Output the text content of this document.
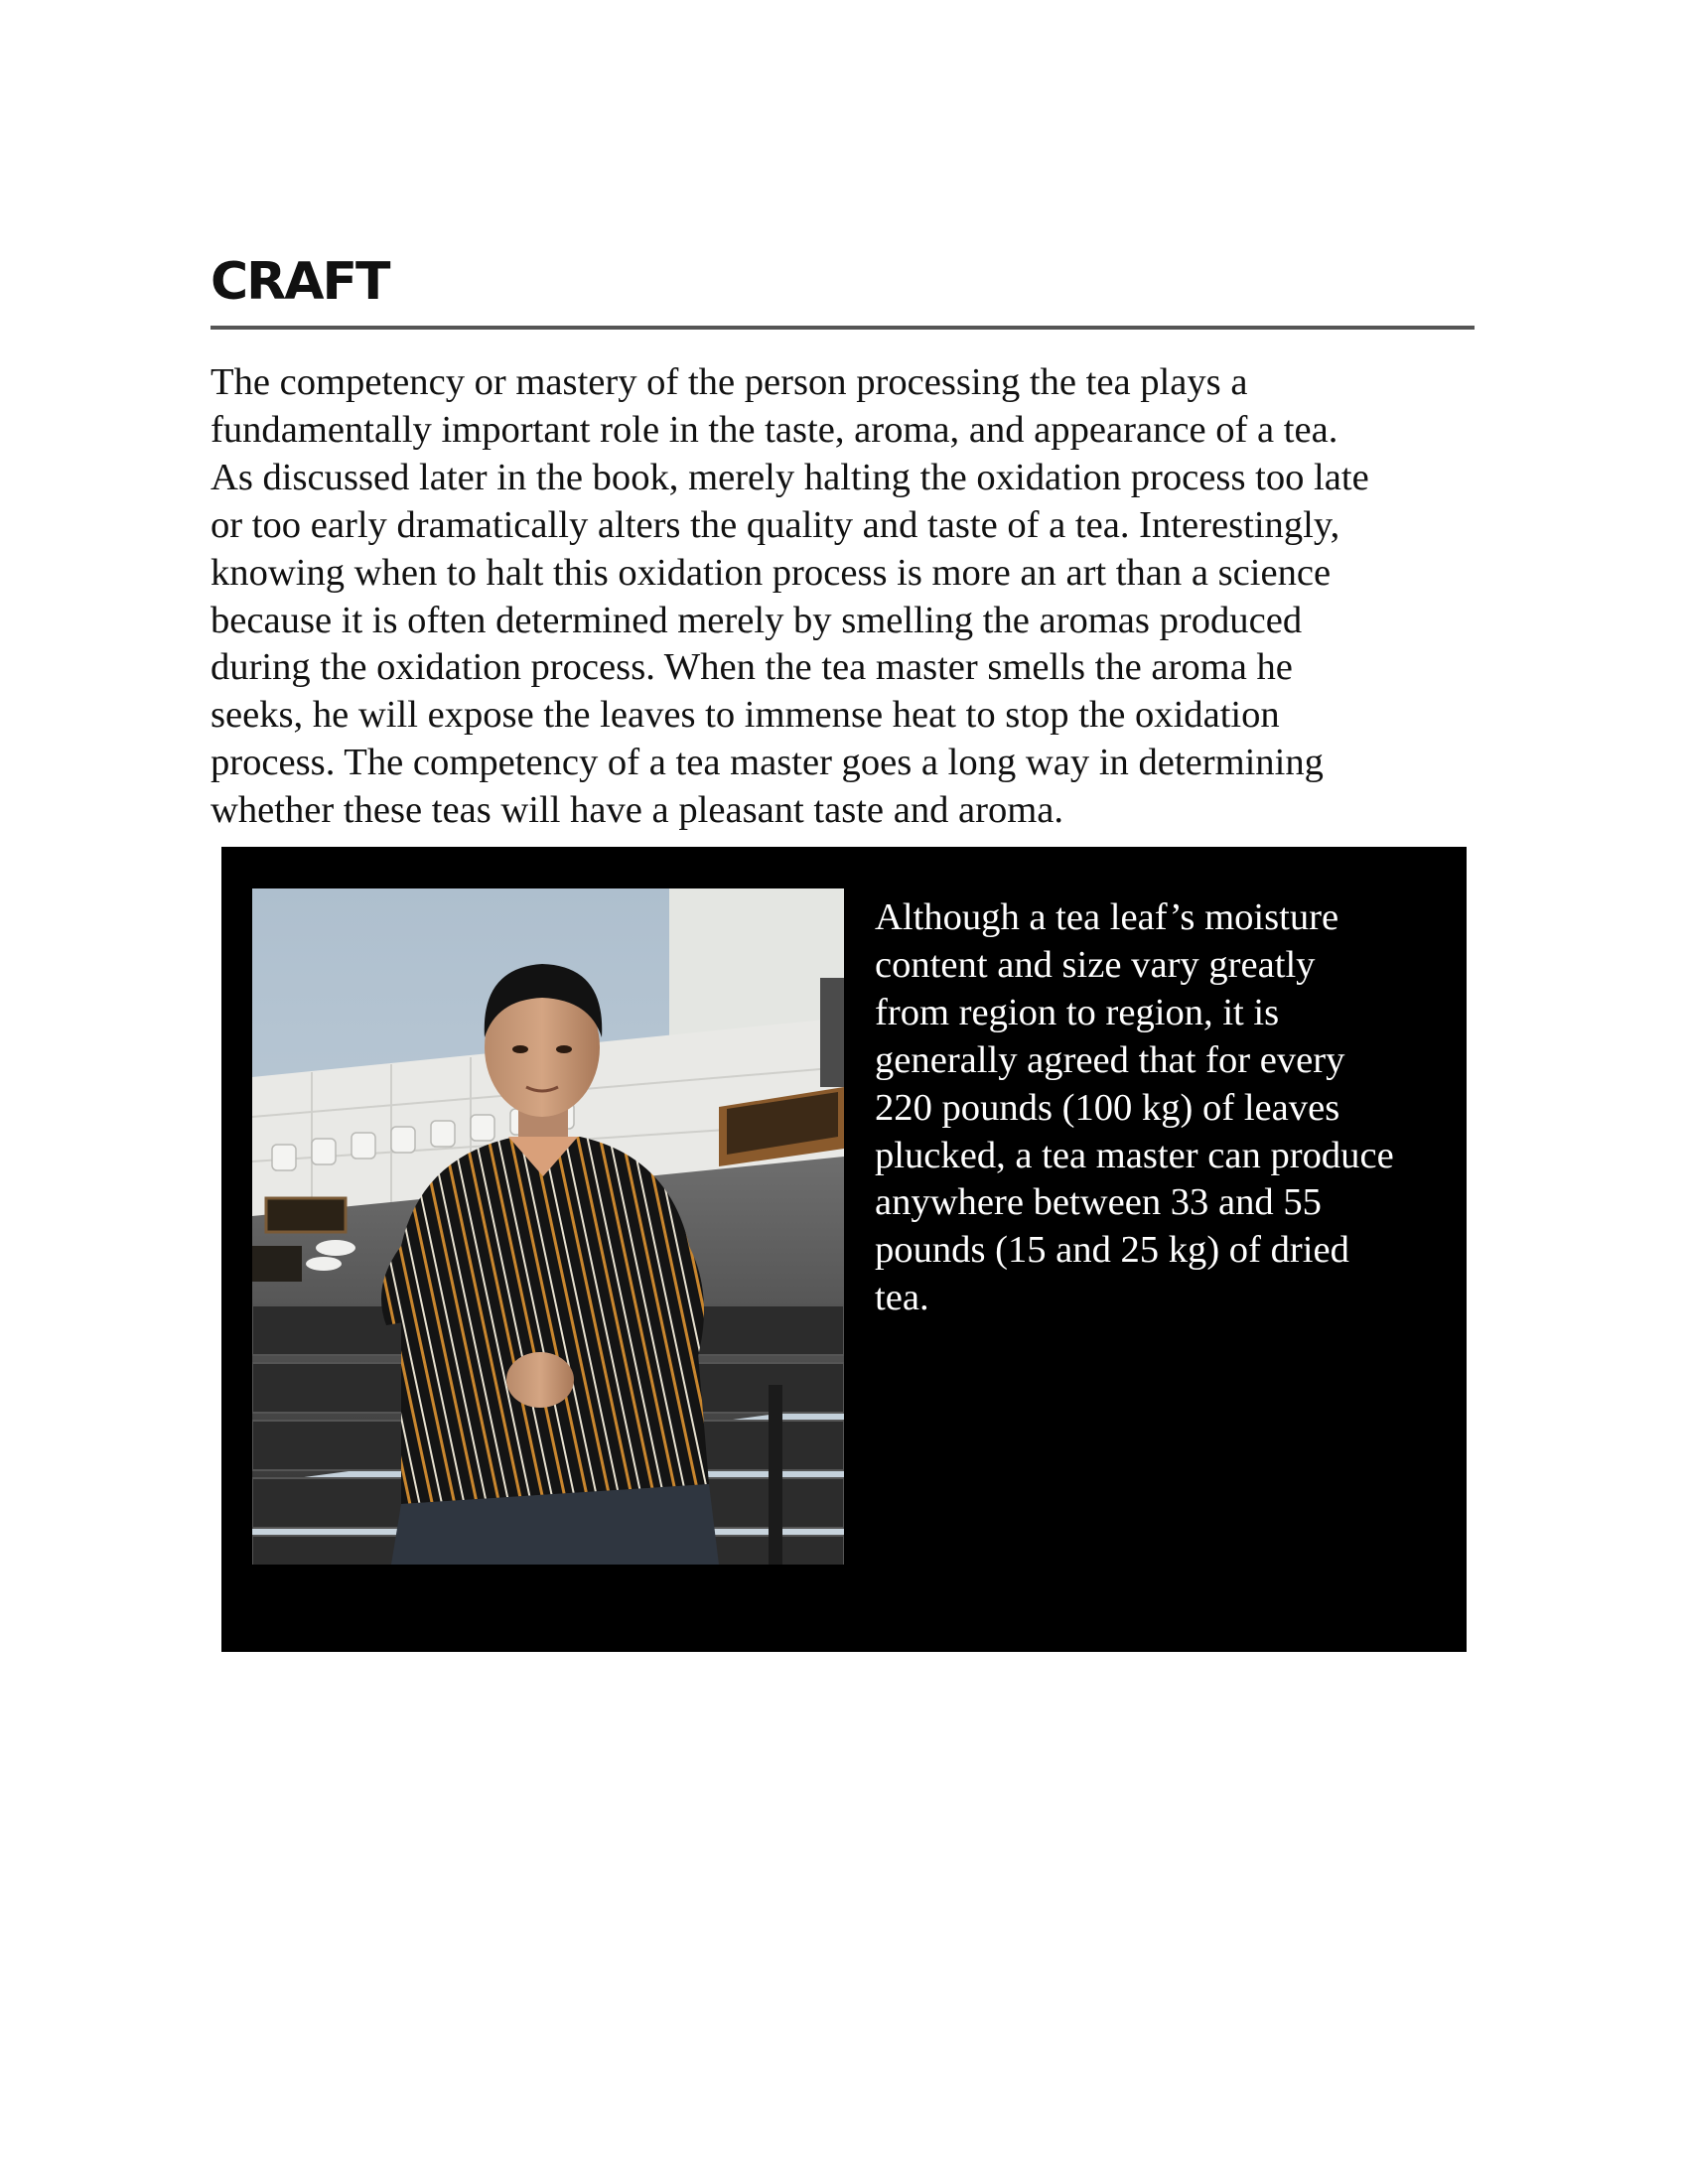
CRAFT

The competency or mastery of the person processing the tea plays a
fundamentally important role in the taste, aroma, and appearance of a tea.
As discussed later in the book, merely halting the oxidation process too late
or too early dramatically alters the quality and taste of a tea. Interestingly,
knowing when to halt this oxidation process is more an art than a science
because it is often determined merely by smelling the aromas produced
during the oxidation process. When the tea master smells the aroma he
seeks, he will expose the leaves to immense heat to stop the oxidation
process. The competency of a tea master goes a long way in determining
whether these teas will have a pleasant taste and aroma.

Although a tea leaf’s moisture
content and size vary greatly
from region to region, it is
generally agreed that for every
220 pounds (100 kg) of leaves
plucked, a tea master can produce
anywhere between 33 and 55
pounds (15 and 25 kg) of dried
tea.
